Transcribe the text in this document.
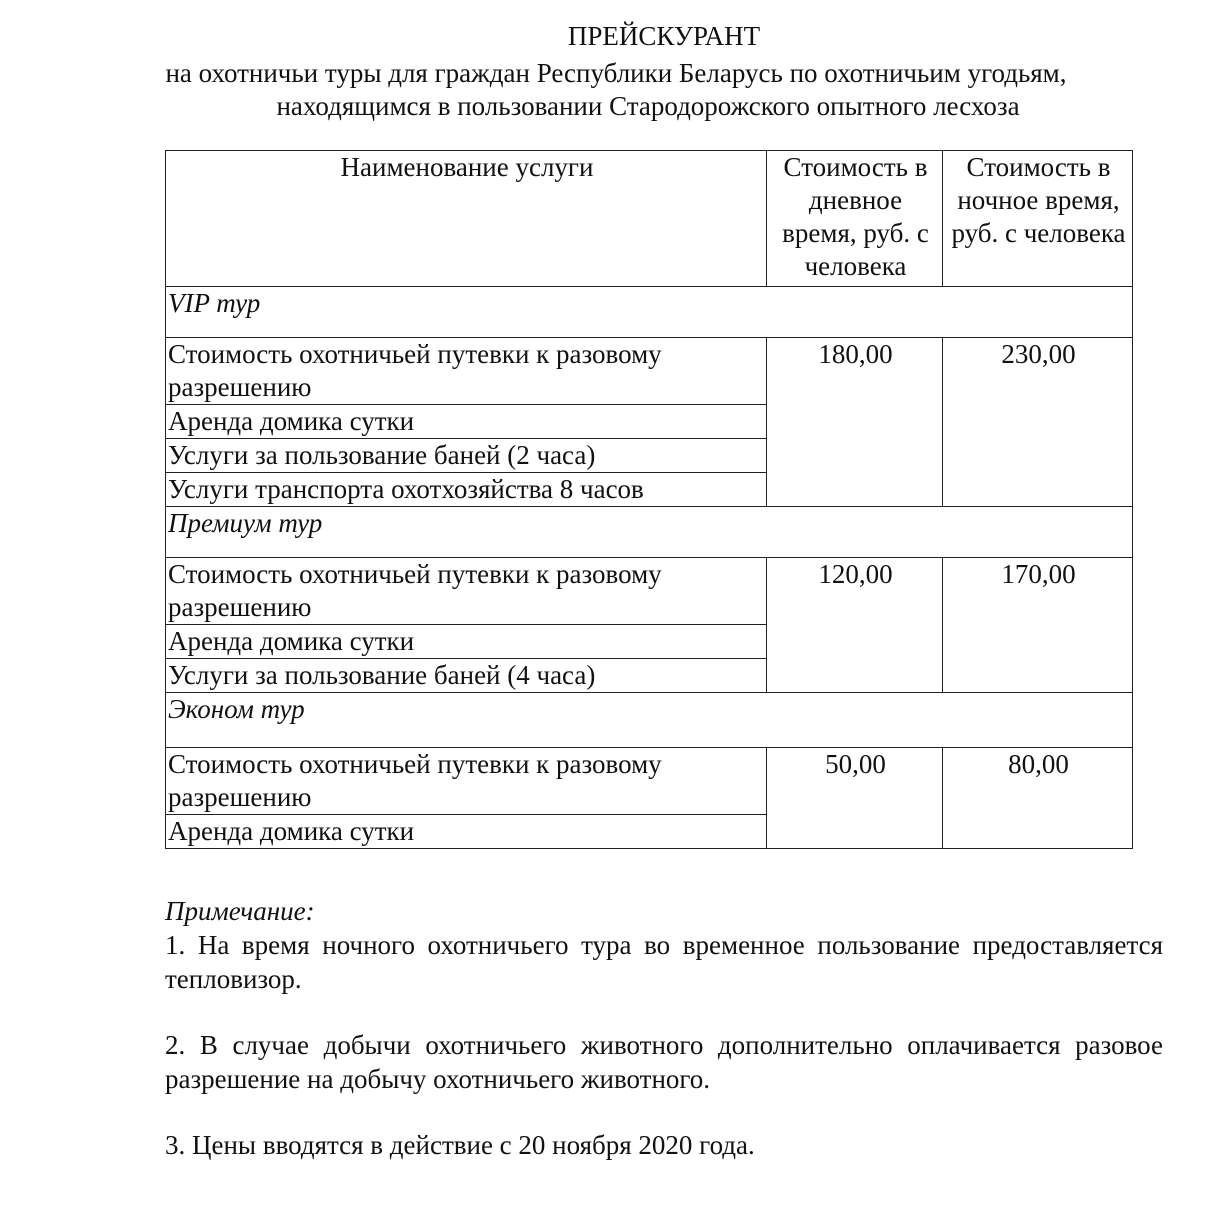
ПРЕЙСКУРАНТ
на охотничьи туры для граждан Республики Беларусь по охотничьим угодьям,
находящимся в пользовании Стародорожского опытного лесхоза
Наименование услуги	Стоимость в дневное время, руб. с человека	Стоимость в ночное время, руб. с человека
VIP тур		
Стоимость охотничьей путевки к разовому разрешению	180,00	230,00
Аренда домика сутки		
Услуги за пользование баней (2 часа)		
Услуги транспорта охотхозяйства 8 часов		
Премиум тур		
Стоимость охотничьей путевки к разовому разрешению	120,00	170,00
Аренда домика сутки		
Услуги за пользование баней (4 часа)		
Эконом тур		
Стоимость охотничьей путевки к разовому разрешению	50,00	80,00
Аренда домика сутки		

Примечание:

1. На время ночного охотничьего тура во временное пользование предоставляется тепловизор.

2. В случае добычи охотничьего животного дополнительно оплачивается разовое разрешение на добычу охотничьего животного.

3. Цены вводятся в действие с 20 ноября 2020 года.
